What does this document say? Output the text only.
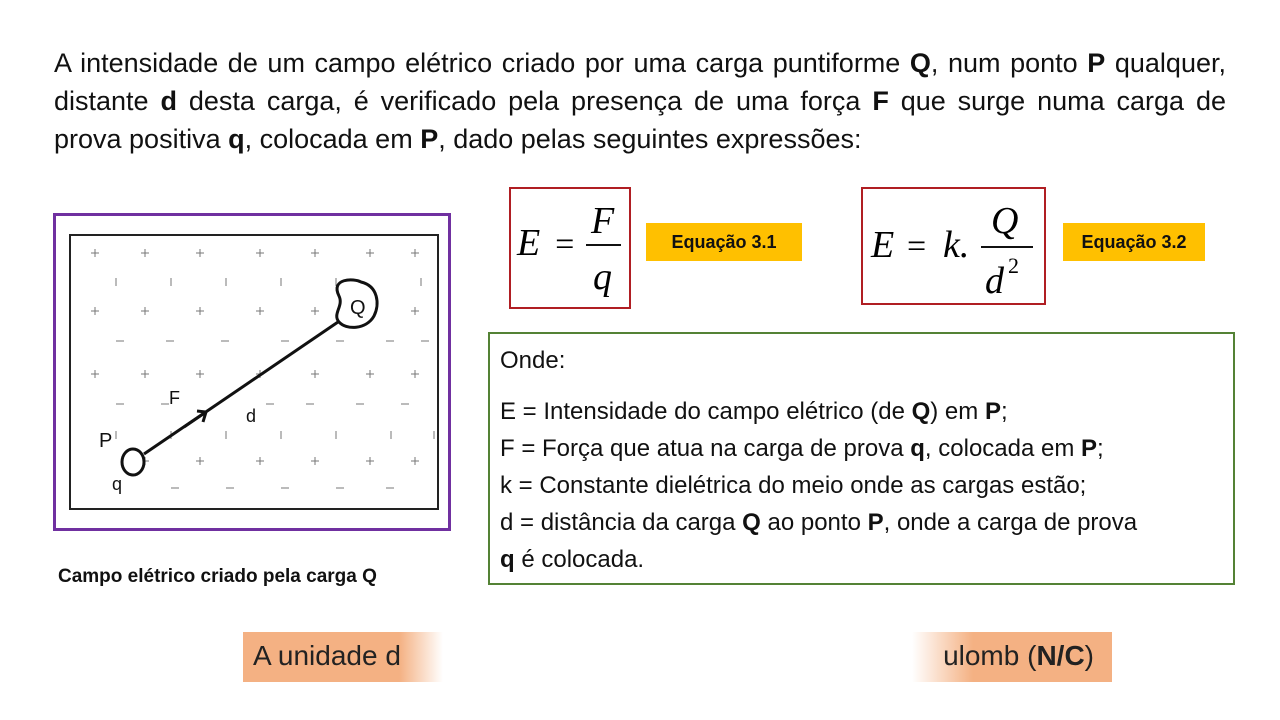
A intensidade de um campo elétrico criado por uma carga puntiforme Q, num ponto P qualquer, distante d desta carga, é verificado pela presença de uma força F que surge numa carga de prova positiva q, colocada em P, dado pelas seguintes expressões:

Q
F
d
P
q
Campo elétrico criado pela carga Q
E =
F
q
Equação 3.1	E = k.
Q
d 2
Equação 3.2

Onde:

E = Intensidade do campo elétrico (de Q) em P;

F = Força que atua na carga de prova q, colocada em P;

k = Constante dielétrica do meio onde as cargas estão;

d = distância da carga Q ao ponto P, onde a carga de prova

q é colocada.

A unidade d	ulomb (N/C)
